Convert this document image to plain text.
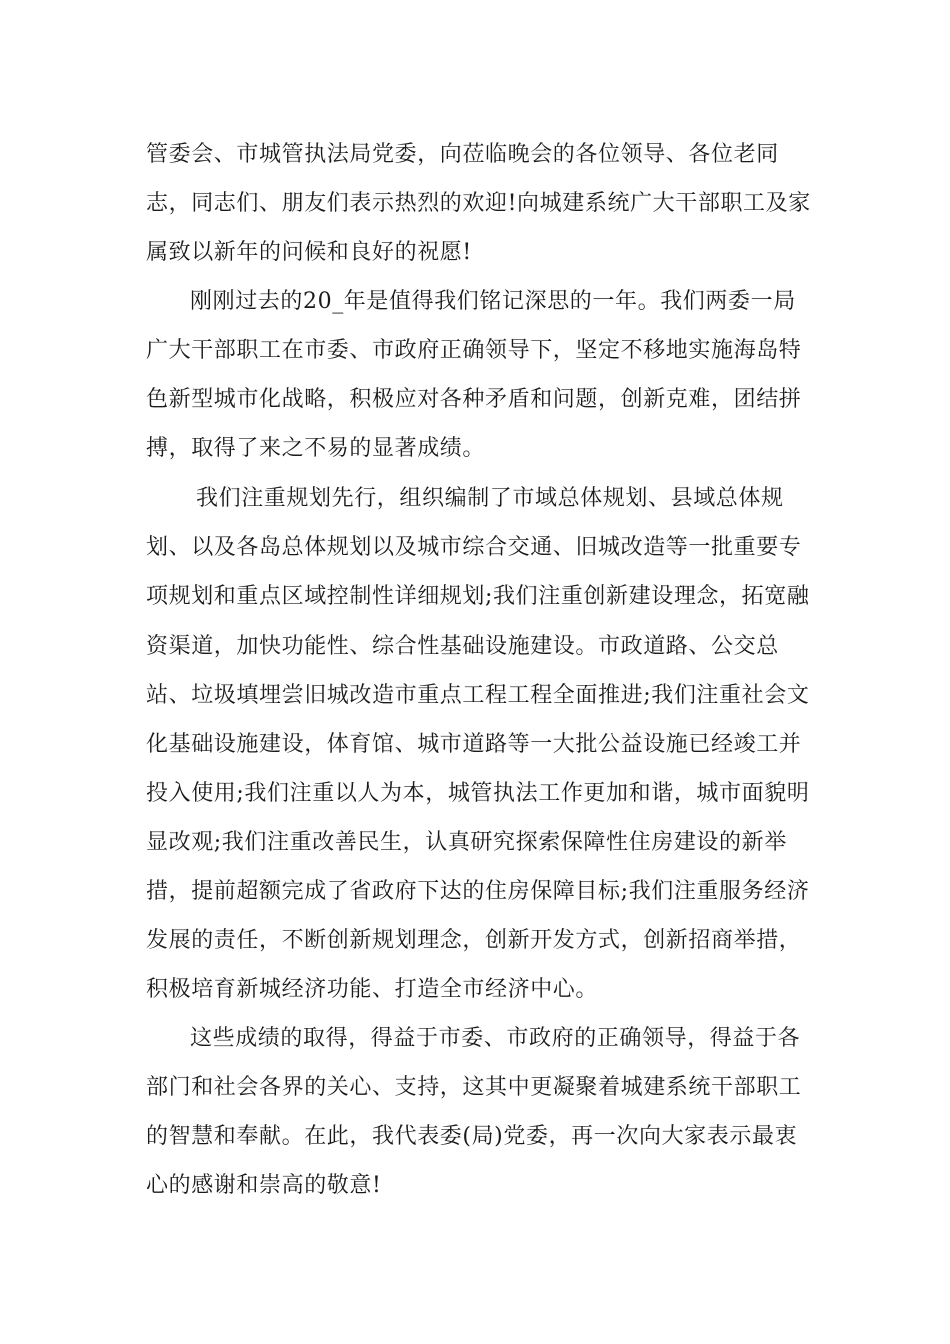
管委会、市城管执法局党委，向莅临晚会的各位领导、各位老同
志，同志们、朋友们表示热烈的欢迎!向城建系统广大干部职工及家
属致以新年的问候和良好的祝愿!
刚刚过去的20_年是值得我们铭记深思的一年。我们两委一局
广大干部职工在市委、市政府正确领导下，坚定不移地实施海岛特
色新型城市化战略，积极应对各种矛盾和问题，创新克难，团结拼
搏，取得了来之不易的显著成绩。
我们注重规划先行，组织编制了市域总体规划、县域总体规
划、以及各岛总体规划以及城市综合交通、旧城改造等一批重要专
项规划和重点区域控制性详细规划;我们注重创新建设理念，拓宽融
资渠道，加快功能性、综合性基础设施建设。市政道路、公交总
站、垃圾填埋尝旧城改造市重点工程工程全面推进;我们注重社会文
化基础设施建设，体育馆、城市道路等一大批公益设施已经竣工并
投入使用;我们注重以人为本，城管执法工作更加和谐，城市面貌明
显改观;我们注重改善民生，认真研究探索保障性住房建设的新举
措，提前超额完成了省政府下达的住房保障目标;我们注重服务经济
发展的责任，不断创新规划理念，创新开发方式，创新招商举措，
积极培育新城经济功能、打造全市经济中心。
这些成绩的取得，得益于市委、市政府的正确领导，得益于各
部门和社会各界的关心、支持，这其中更凝聚着城建系统干部职工
的智慧和奉献。在此，我代表委(局)党委，再一次向大家表示最衷
心的感谢和崇高的敬意!
